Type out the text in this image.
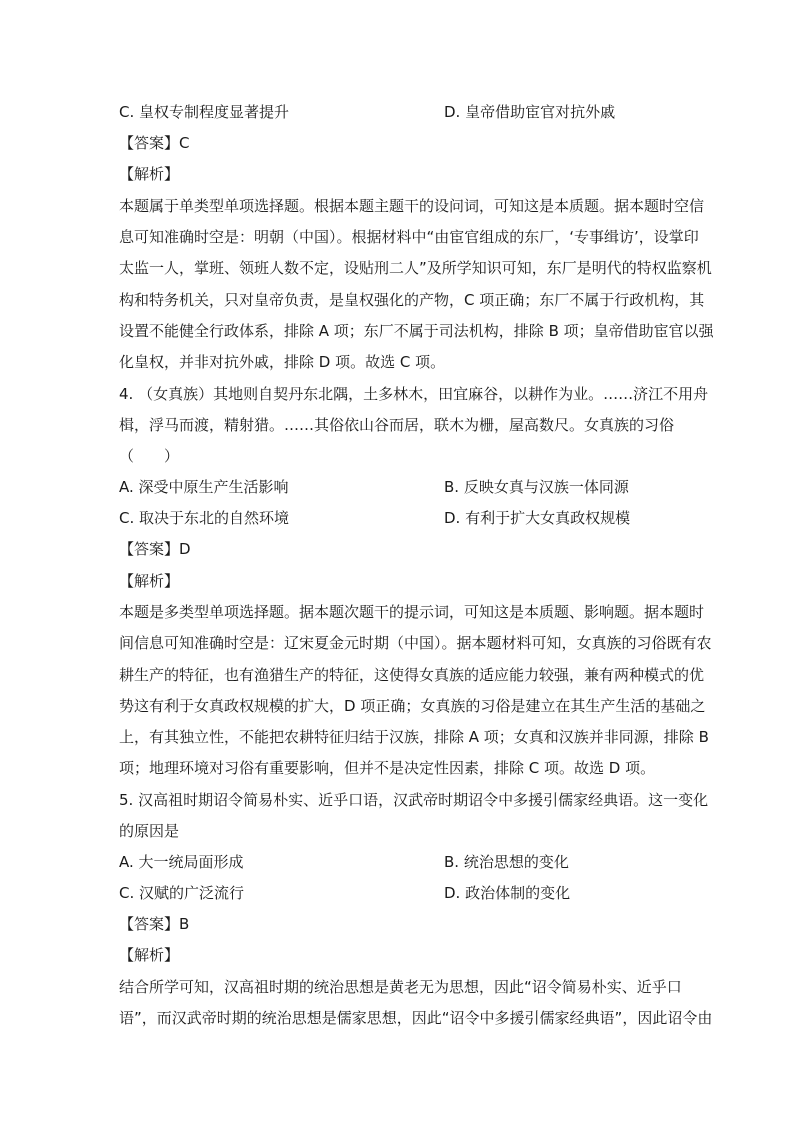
C. 皇权专制程度显著提升	D. 皇帝借助宦官对抗外戚
【答案】C
【解析】
本题属于单类型单项选择题。根据本题主题干的设问词，可知这是本质题。据本题时空信
息可知准确时空是：明朝（中国）。根据材料中“由宦官组成的东厂，‘专事缉访’，设掌印
太监一人，掌班、领班人数不定，设贴刑二人”及所学知识可知，东厂是明代的特权监察机
构和特务机关，只对皇帝负责，是皇权强化的产物，C 项正确；东厂不属于行政机构，其
设置不能健全行政体系，排除 A 项；东厂不属于司法机构，排除 B 项；皇帝借助宦官以强
化皇权，并非对抗外戚，排除 D 项。故选 C 项。
4. （女真族）其地则自契丹东北隅，土多林木，田宜麻谷，以耕作为业。……济江不用舟
楫，浮马而渡，精射猎。……其俗依山谷而居，联木为栅，屋高数尺。女真族的习俗
（　　）
A. 深受中原生产生活影响	B. 反映女真与汉族一体同源
C. 取决于东北的自然环境	D. 有利于扩大女真政权规模
【答案】D
【解析】
本题是多类型单项选择题。据本题次题干的提示词，可知这是本质题、影响题。据本题时
间信息可知准确时空是：辽宋夏金元时期（中国）。据本题材料可知，女真族的习俗既有农
耕生产的特征，也有渔猎生产的特征，这使得女真族的适应能力较强，兼有两种模式的优
势这有利于女真政权规模的扩大，D 项正确；女真族的习俗是建立在其生产生活的基础之
上，有其独立性，不能把农耕特征归结于汉族，排除 A 项；女真和汉族并非同源，排除 B
项；地理环境对习俗有重要影响，但并不是决定性因素，排除 C 项。故选 D 项。
5. 汉高祖时期诏令简易朴实、近乎口语，汉武帝时期诏令中多援引儒家经典语。这一变化
的原因是
A. 大一统局面形成	B. 统治思想的变化
C. 汉赋的广泛流行	D. 政治体制的变化
【答案】B
【解析】
结合所学可知，汉高祖时期的统治思想是黄老无为思想，因此“诏令简易朴实、近乎口
语”，而汉武帝时期的统治思想是儒家思想，因此“诏令中多援引儒家经典语”，因此诏令由
